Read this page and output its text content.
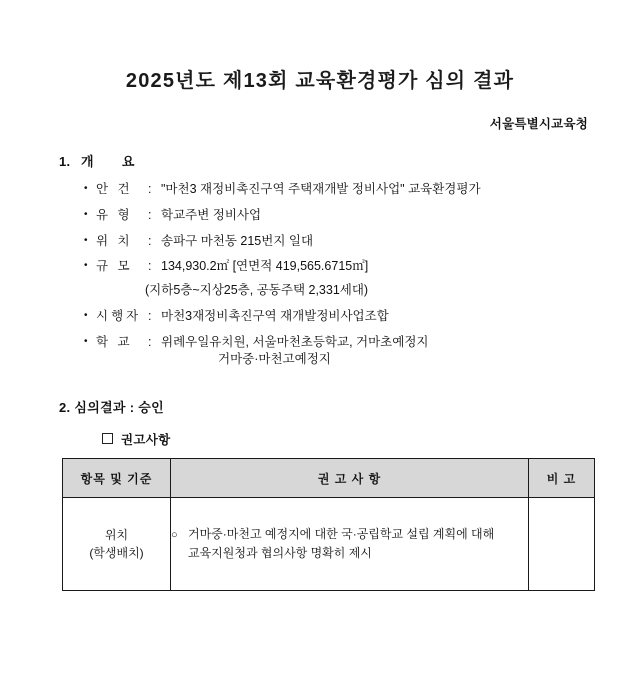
2025년도 제13회 교육환경평가 심의 결과
서울특별시교육청
1. 개 요
• 안 건 : "마천3 재정비촉진구역 주택재개발 정비사업" 교육환경평가
• 유 형 : 학교주변 정비사업
• 위 치 : 송파구 마천동 215번지 일대
• 규 모 : 134,930.2㎡ [연면적 419,565.6715㎡]
(지하5층~지상25층, 공동주택 2,331세대)
• 시행자 : 마천3재정비촉진구역 재개발정비사업조합
• 학 교 : 위례우일유치원, 서울마천초등학교, 거마초예정지
거마중·마천고예정지
2. 심의결과 : 승인
권고사항
항목 및 기준	권 고 사 항	비 고

위치
(학생배치)	○ 거마중·마천고 예정지에 대한 국·공립학교 설립 계획에 대해 교육지원청과 협의사항 명확히 제시	
